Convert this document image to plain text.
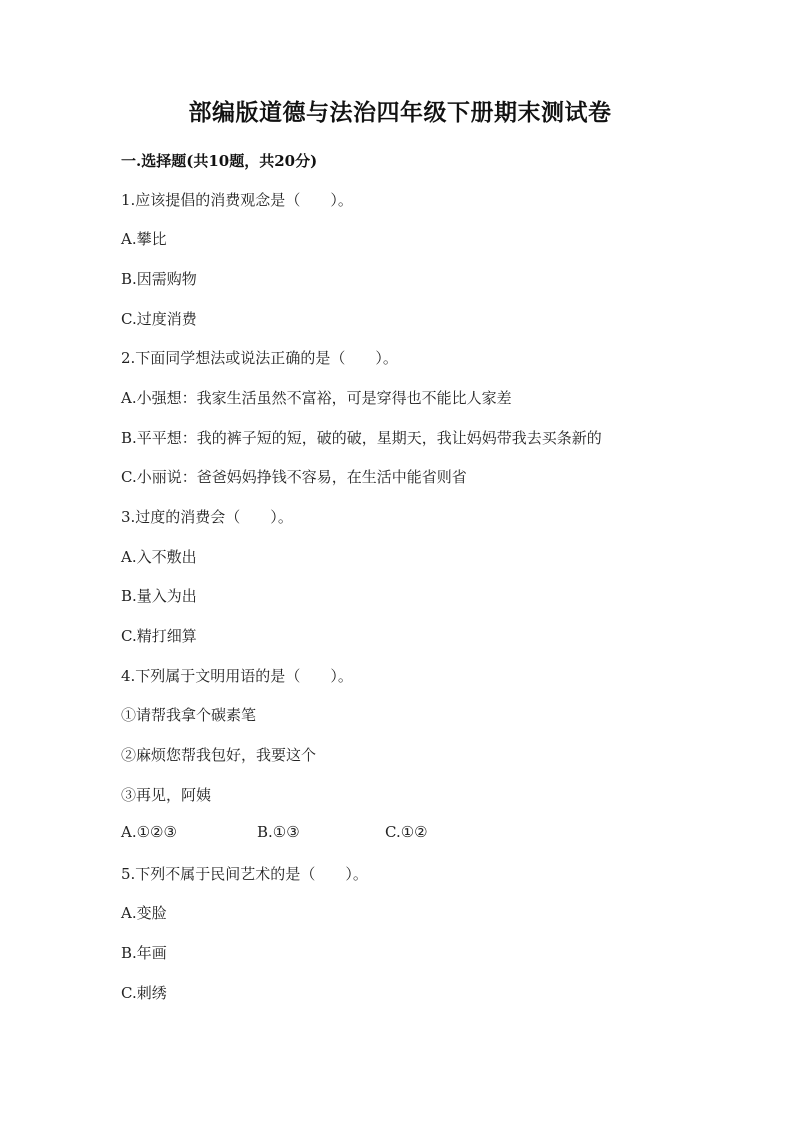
部编版道德与法治四年级下册期末测试卷
一.选择题(共10题，共20分)
1.应该提倡的消费观念是（　　）。
A.攀比
B.因需购物
C.过度消费
2.下面同学想法或说法正确的是（　　）。
A.小强想：我家生活虽然不富裕，可是穿得也不能比人家差
B.平平想：我的裤子短的短，破的破，星期天，我让妈妈带我去买条新的
C.小丽说：爸爸妈妈挣钱不容易，在生活中能省则省
3.过度的消费会（　　）。
A.入不敷出
B.量入为出
C.精打细算
4.下列属于文明用语的是（　　）。
①请帮我拿个碳素笔
②麻烦您帮我包好，我要这个
③再见，阿姨
A.①②③	B.①③	C.①②
5.下列不属于民间艺术的是（　　）。
A.变脸
B.年画
C.刺绣
